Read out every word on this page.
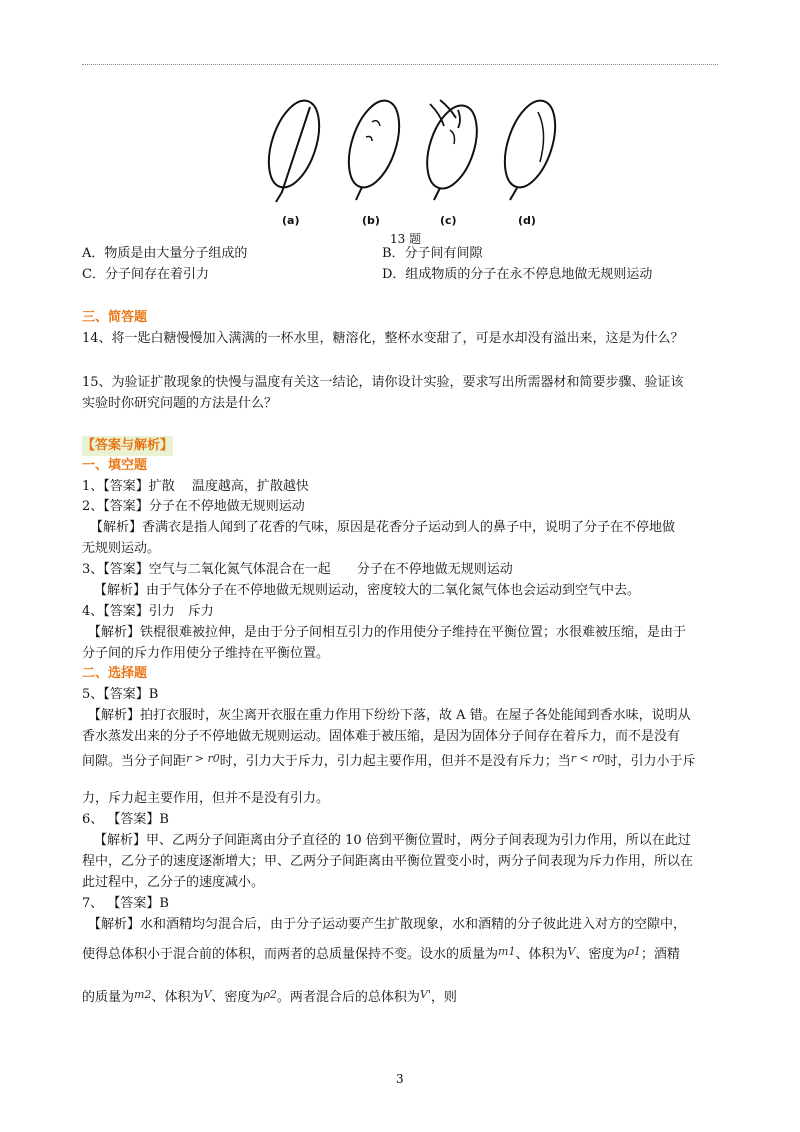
(a)	(b)	(c)	(d)
13 题
A．物质是由大量分子组成的	B．分子间有间隙
C．分子间存在着引力	D．组成物质的分子在永不停息地做无规则运动
三、简答题
14、将一匙白糖慢慢加入满满的一杯水里，糖溶化，整杯水变甜了，可是水却没有溢出来，这是为什么？
15、为验证扩散现象的快慢与温度有关这一结论，请你设计实验，要求写出所需器材和简要步骤、验证该
实验时你研究问题的方法是什么？
【答案与解析】
一、填空题
1、【答案】扩散　 温度越高，扩散越快
2、【答案】分子在不停地做无规则运动
【解析】香满衣是指人闻到了花香的气味，原因是花香分子运动到人的鼻子中，说明了分子在不停地做
无规则运动。
3、【答案】空气与二氧化氮气体混合在一起　　分子在不停地做无规则运动
【解析】由于气体分子在不停地做无规则运动，密度较大的二氧化氮气体也会运动到空气中去。
4、【答案】引力　斥力
【解析】铁棍很难被拉伸，是由于分子间相互引力的作用使分子维持在平衡位置；水很难被压缩，是由于
分子间的斥力作用使分子维持在平衡位置。
二、选择题
5、【答案】B
【解析】拍打衣服时，灰尘离开衣服在重力作用下纷纷下落，故 A 错。在屋子各处能闻到香水味，说明从
香水蒸发出来的分子不停地做无规则运动。固体难于被压缩，是因为固体分子间存在着斥力，而不是没有
间隙。当分子间距$^{r > r0}$时，引力大于斥力，引力起主要作用，但并不是没有斥力；当$^{r < r0}$时，引力小于斥
力，斥力起主要作用，但并不是没有引力。
6、 【答案】B
【解析】甲、乙两分子间距离由分子直径的 10 倍到平衡位置时，两分子间表现为引力作用，所以在此过
程中，乙分子的速度逐渐增大；甲、乙两分子间距离由平衡位置变小时，两分子间表现为斥力作用，所以在
此过程中，乙分子的速度减小。
7、 【答案】B
【解析】水和酒精均匀混合后，由于分子运动要产生扩散现象，水和酒精的分子彼此进入对方的空隙中，
使得总体积小于混合前的体积，而两者的总质量保持不变。设水的质量为$^{m1}$、体积为$^V$、密度为$^{\rho 1}$；酒精
的质量为$^{m2}$、体积为$^V$、密度为$^{\rho 2}$。两者混合后的总体积为$^{V'}$，则
3
